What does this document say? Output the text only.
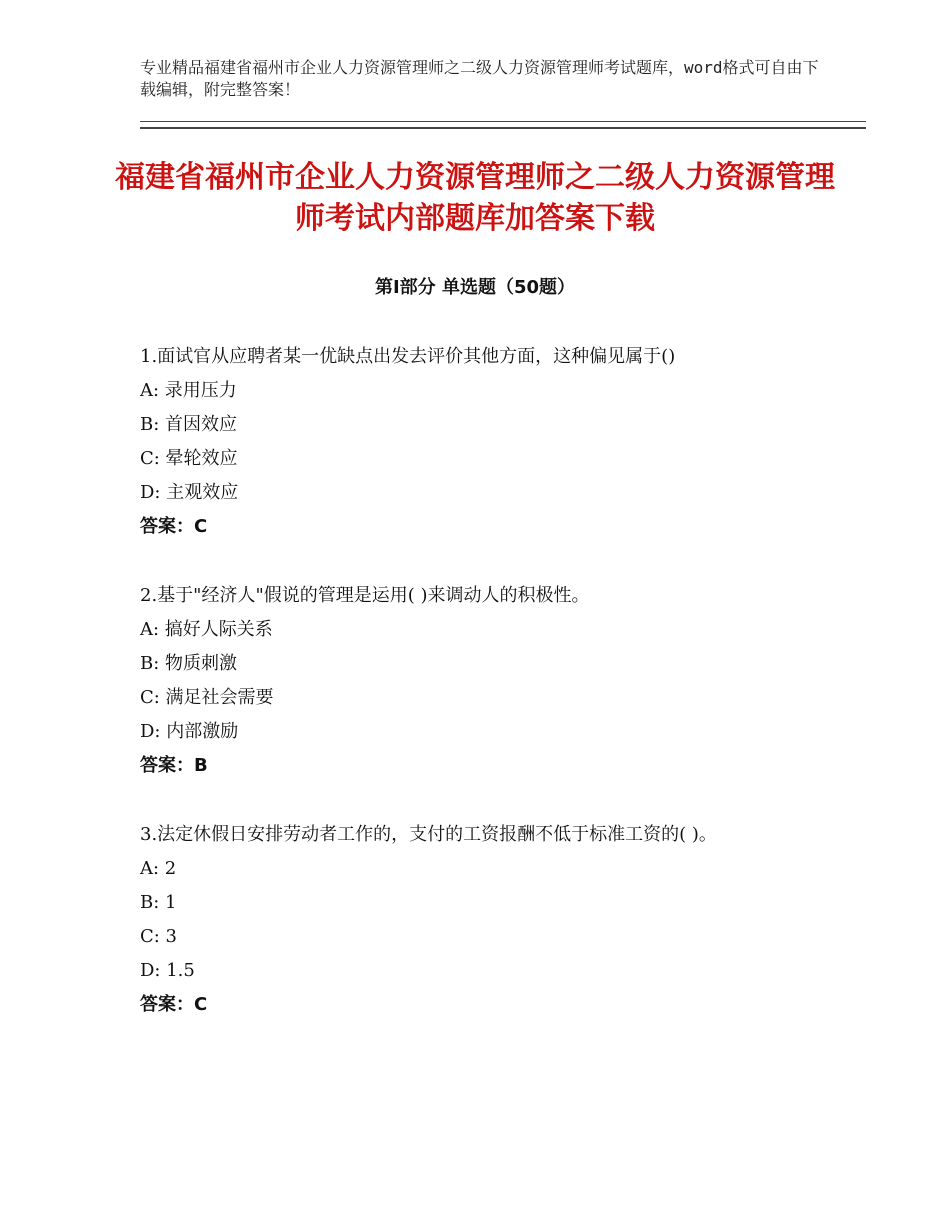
专业精品福建省福州市企业人力资源管理师之二级人力资源管理师考试题库，word格式可自由下载编辑，附完整答案！
福建省福州市企业人力资源管理师之二级人力资源管理师考试内部题库加答案下载
第Ⅰ部分 单选题（50题）
1.面试官从应聘者某一优缺点出发去评价其他方面，这种偏见属于()
A: 录用压力
B: 首因效应
C: 晕轮效应
D: 主观效应
答案：C
2.基于"经济人"假说的管理是运用( )来调动人的积极性。
A: 搞好人际关系
B: 物质刺激
C: 满足社会需要
D: 内部激励
答案：B
3.法定休假日安排劳动者工作的，支付的工资报酬不低于标准工资的( )。
A: 2
B: 1
C: 3
D: 1.5
答案：C
